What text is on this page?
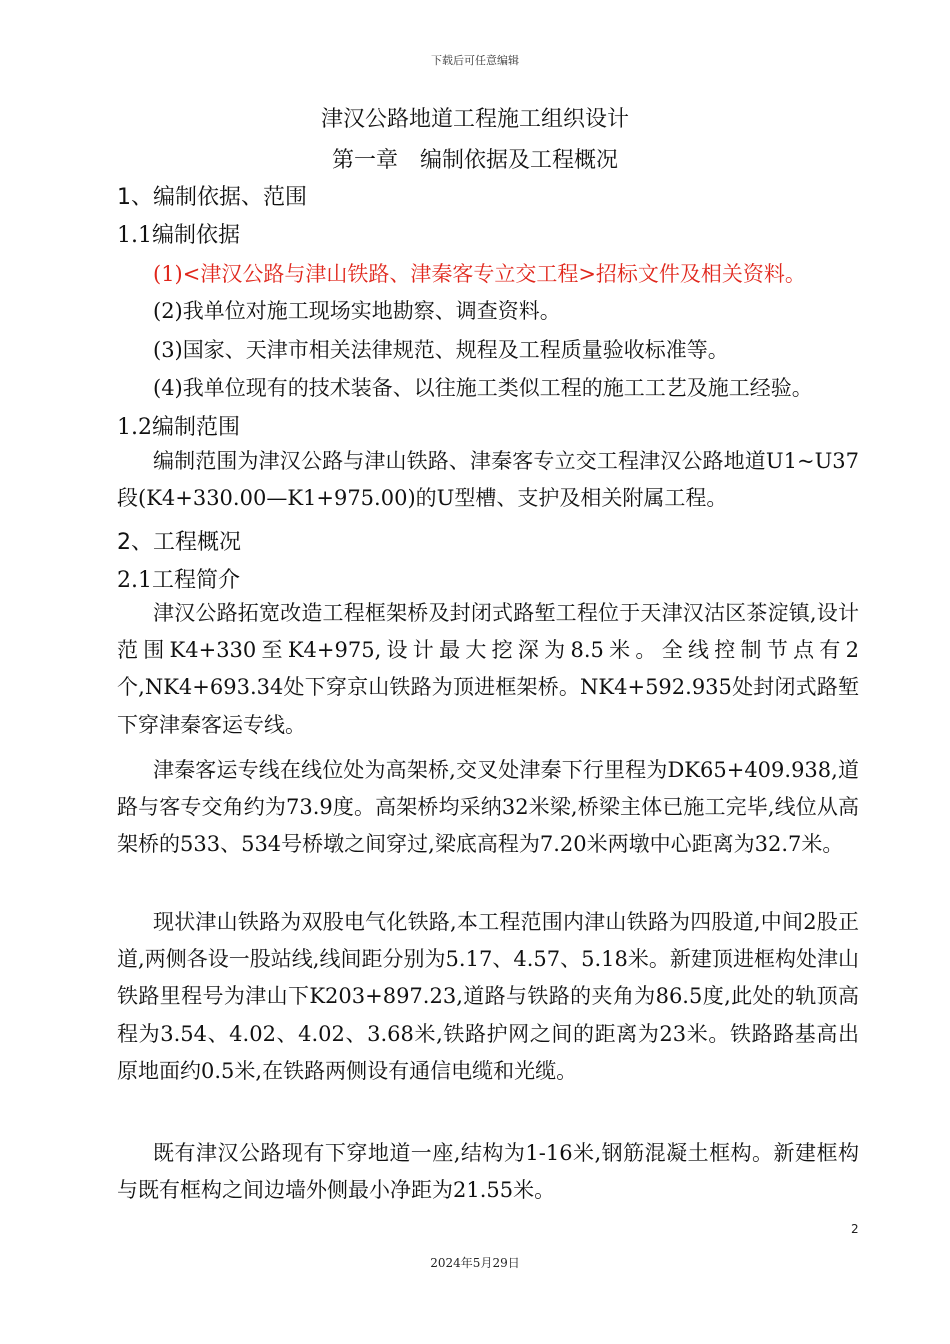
下载后可任意编辑
津汉公路地道工程施工组织设计
第一章　编制依据及工程概况
1、编制依据、范围
1.1编制依据
(1)<津汉公路与津山铁路、津秦客专立交工程>招标文件及相关资料。
(2)我单位对施工现场实地勘察、调查资料。
(3)国家、天津市相关法律规范、规程及工程质量验收标准等。
(4)我单位现有的技术装备、以往施工类似工程的施工工艺及施工经验。
1.2编制范围
编制范围为津汉公路与津山铁路、津秦客专立交工程津汉公路地道U1~U37段(K4+330.00—K1+975.00)的U型槽、支护及相关附属工程。
2、工程概况
2.1工程简介
津汉公路拓宽改造工程框架桥及封闭式路堑工程位于天津汉沽区茶淀镇,设计范围K4+330至K4+975,设计最大挖深为8.5米。全线控制节点有2个,NK4+693.34处下穿京山铁路为顶进框架桥。NK4+592.935处封闭式路堑下穿津秦客运专线。
津秦客运专线在线位处为高架桥,交叉处津秦下行里程为DK65+409.938,道路与客专交角约为73.9度。高架桥均采纳32米梁,桥梁主体已施工完毕,线位从高架桥的533、534号桥墩之间穿过,梁底高程为7.20米两墩中心距离为32.7米。
现状津山铁路为双股电气化铁路,本工程范围内津山铁路为四股道,中间2股正道,两侧各设一股站线,线间距分别为5.17、4.57、5.18米。新建顶进框构处津山铁路里程号为津山下K203+897.23,道路与铁路的夹角为86.5度,此处的轨顶高程为3.54、4.02、4.02、3.68米,铁路护网之间的距离为23米。铁路路基高出原地面约0.5米,在铁路两侧设有通信电缆和光缆。
既有津汉公路现有下穿地道一座,结构为1-16米,钢筋混凝土框构。新建框构与既有框构之间边墙外侧最小净距为21.55米。
2
2024年5月29日
